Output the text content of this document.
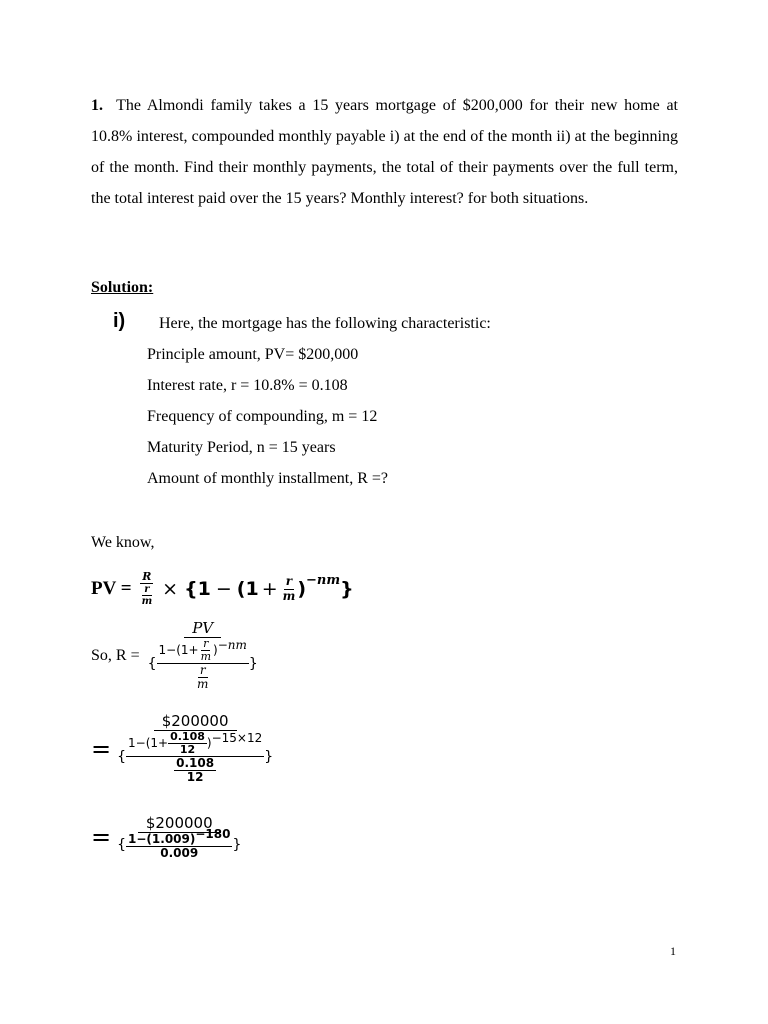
1. The Almondi family takes a 15 years mortgage of $200,000 for their new home at 10.8% interest, compounded monthly payable i) at the end of the month ii) at the beginning of the month. Find their monthly payments, the total of their payments over the full term, the total interest paid over the 15 years? Monthly interest? for both situations.

Solution:

i) Here, the mortgage has the following characteristic:
Principle amount, PV= $200,000
Interest rate, r = 10.8% = 0.108
Frequency of compounding, m = 12
Maturity Period, n = 15 years
Amount of monthly installment, R =?
We know,
PV = $\frac{R}{\frac{r}{m}}$ × { 1 − ( $1 + \frac{r}{m}$ ) −nm }
So, R =
PV
{
$1-(1+ \frac{r}{m}$ ) −nm
$\frac{r}{m}$
}
=
$200000
{
$1-(1+ \frac{0.108}{12}$ ) −15×12
$\frac{0.108}{12}$
}
=
$200000
{ $\frac{1-(1.009) -180}{0.009}$ }
1
